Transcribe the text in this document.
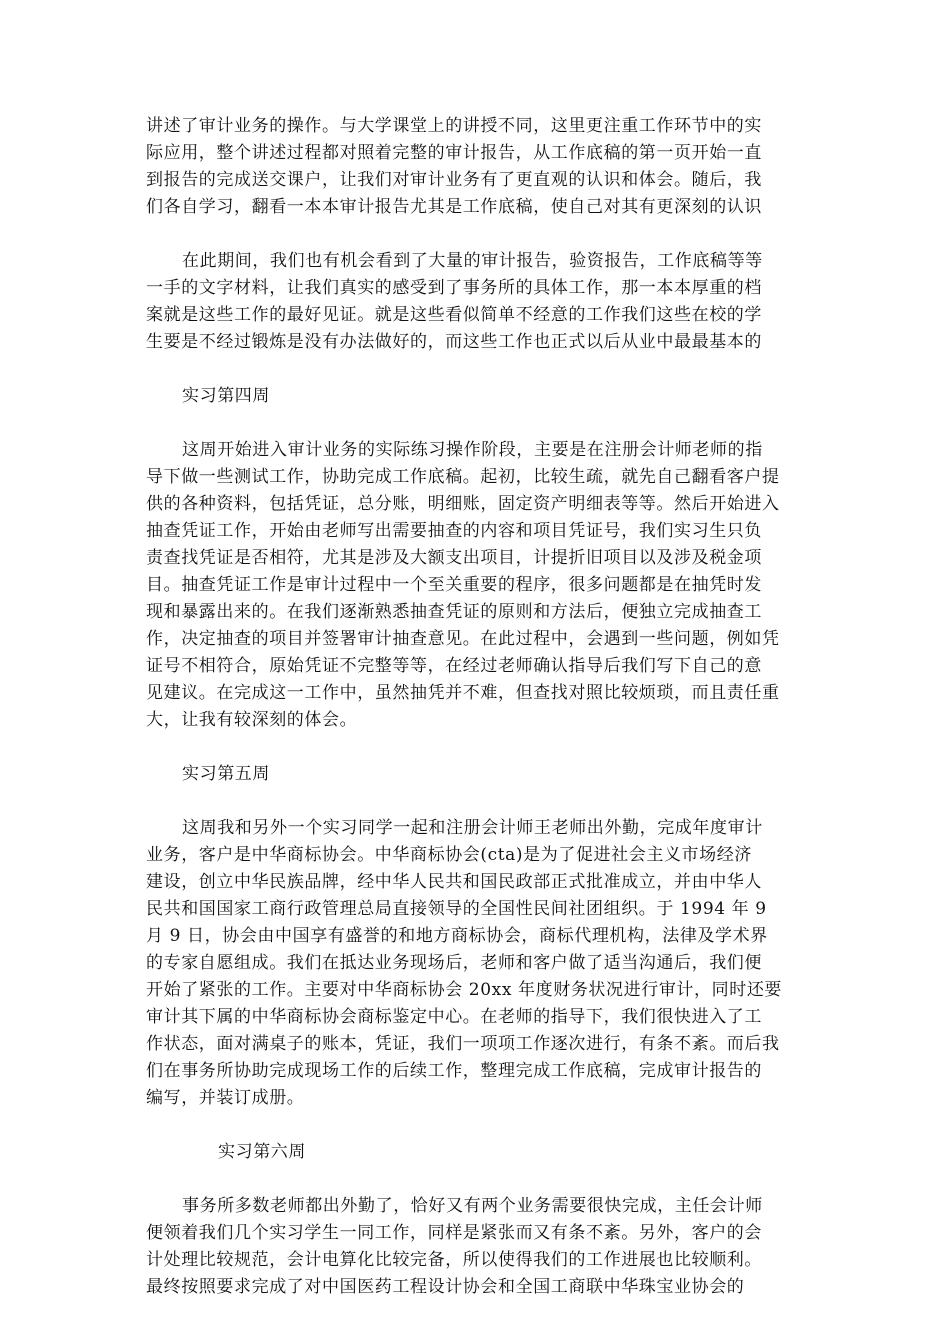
讲述了审计业务的操作。与大学课堂上的讲授不同，这里更注重工作环节中的实
际应用，整个讲述过程都对照着完整的审计报告，从工作底稿的第一页开始一直
到报告的完成送交课户，让我们对审计业务有了更直观的认识和体会。随后，我
们各自学习，翻看一本本审计报告尤其是工作底稿，使自己对其有更深刻的认识
在此期间，我们也有机会看到了大量的审计报告，验资报告，工作底稿等等
一手的文字材料，让我们真实的感受到了事务所的具体工作，那一本本厚重的档
案就是这些工作的最好见证。就是这些看似简单不经意的工作我们这些在校的学
生要是不经过锻炼是没有办法做好的，而这些工作也正式以后从业中最最基本的
实习第四周
这周开始进入审计业务的实际练习操作阶段，主要是在注册会计师老师的指
导下做一些测试工作，协助完成工作底稿。起初，比较生疏，就先自己翻看客户提
供的各种资料，包括凭证，总分账，明细账，固定资产明细表等等。然后开始进入
抽查凭证工作，开始由老师写出需要抽查的内容和项目凭证号，我们实习生只负
责查找凭证是否相符，尤其是涉及大额支出项目，计提折旧项目以及涉及税金项
目。抽查凭证工作是审计过程中一个至关重要的程序，很多问题都是在抽凭时发
现和暴露出来的。在我们逐渐熟悉抽查凭证的原则和方法后，便独立完成抽查工
作，决定抽查的项目并签署审计抽查意见。在此过程中，会遇到一些问题，例如凭
证号不相符合，原始凭证不完整等等，在经过老师确认指导后我们写下自己的意
见建议。在完成这一工作中，虽然抽凭并不难，但查找对照比较烦琐，而且责任重
大，让我有较深刻的体会。
实习第五周
这周我和另外一个实习同学一起和注册会计师王老师出外勤，完成年度审计
业务，客户是中华商标协会。中华商标协会(cta)是为了促进社会主义市场经济
建设，创立中华民族品牌，经中华人民共和国民政部正式批准成立，并由中华人
民共和国国家工商行政管理总局直接领导的全国性民间社团组织。于 1994 年 9
月 9 日，协会由中国享有盛誉的和地方商标协会，商标代理机构，法律及学术界
的专家自愿组成。我们在抵达业务现场后，老师和客户做了适当沟通后，我们便
开始了紧张的工作。主要对中华商标协会 20xx 年度财务状况进行审计，同时还要
审计其下属的中华商标协会商标鉴定中心。在老师的指导下，我们很快进入了工
作状态，面对满桌子的账本，凭证，我们一项项工作逐次进行，有条不紊。而后我
们在事务所协助完成现场工作的后续工作，整理完成工作底稿，完成审计报告的
编写，并装订成册。
实习第六周
事务所多数老师都出外勤了，恰好又有两个业务需要很快完成，主任会计师
便领着我们几个实习学生一同工作，同样是紧张而又有条不紊。另外，客户的会
计处理比较规范，会计电算化比较完备，所以使得我们的工作进展也比较顺利。
最终按照要求完成了对中国医药工程设计协会和全国工商联中华珠宝业协会的
